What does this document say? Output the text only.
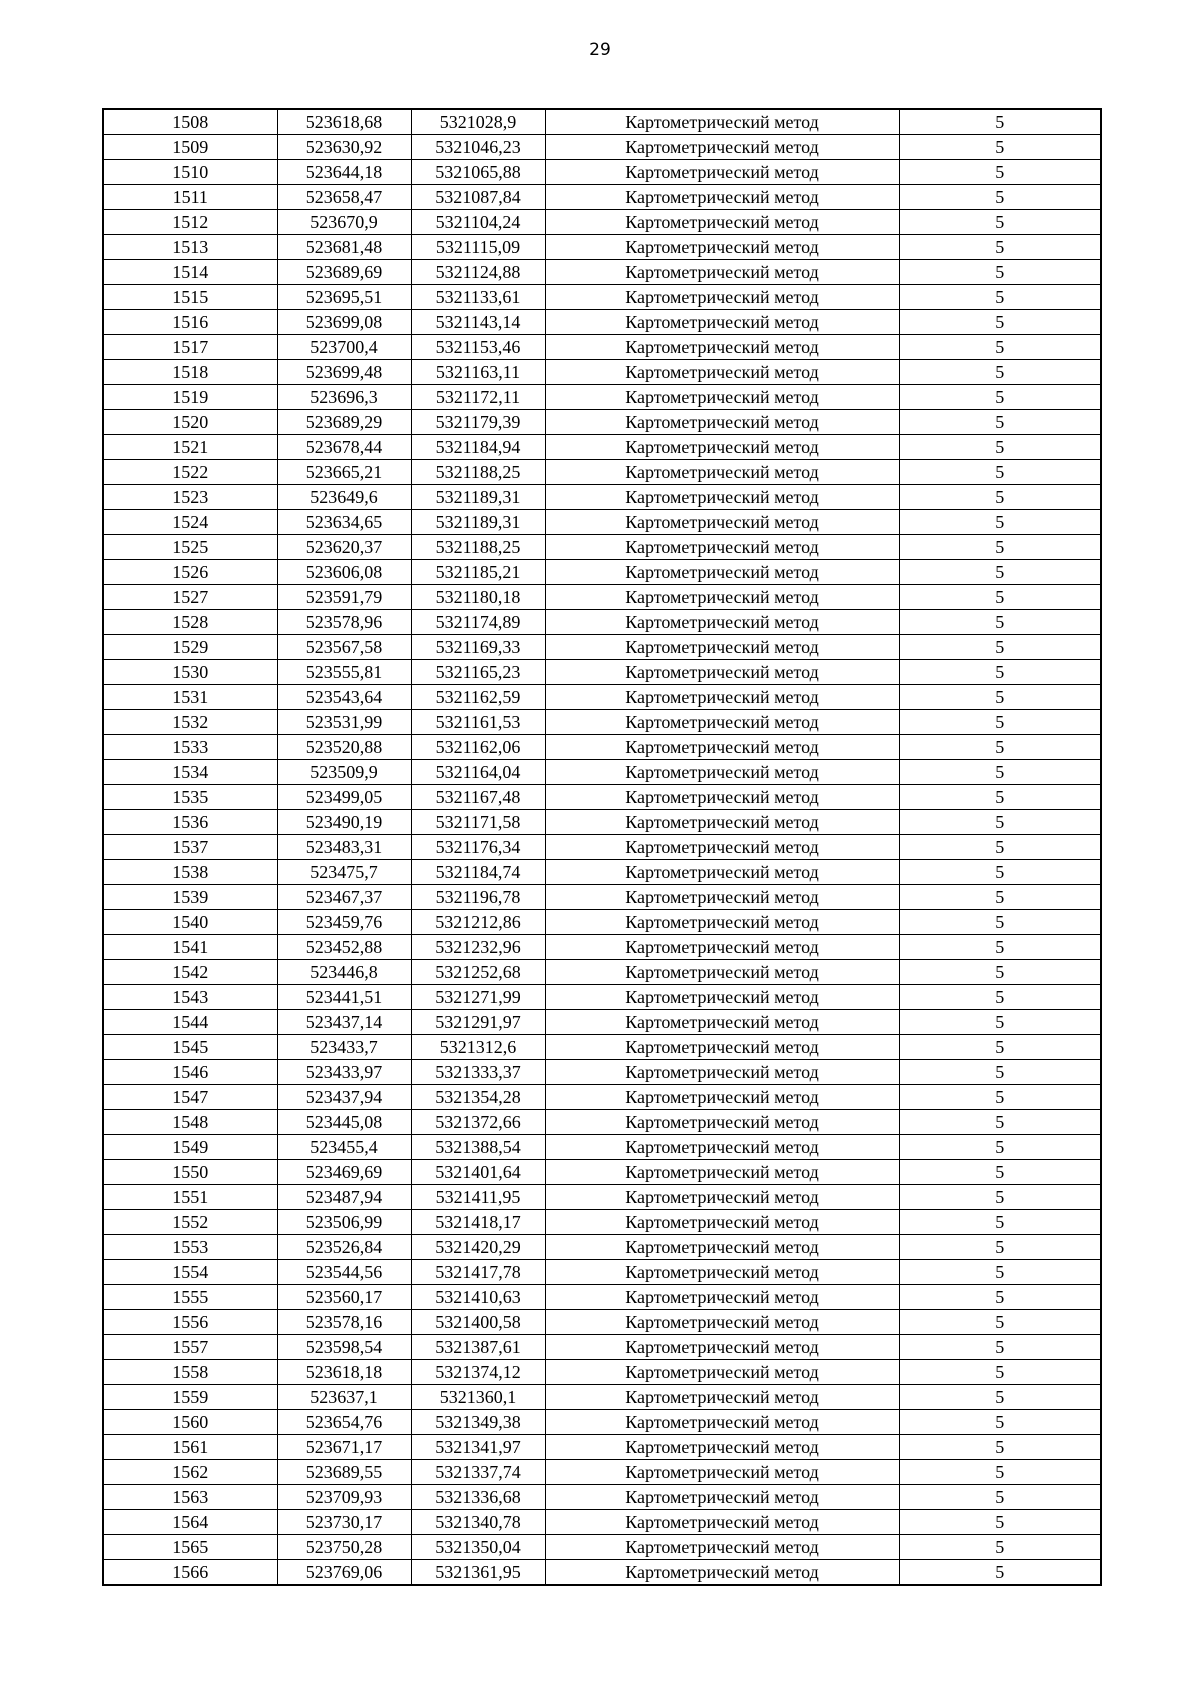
29
1508	523618,68	5321028,9	Картометрический метод	5
1509	523630,92	5321046,23	Картометрический метод	5
1510	523644,18	5321065,88	Картометрический метод	5
1511	523658,47	5321087,84	Картометрический метод	5
1512	523670,9	5321104,24	Картометрический метод	5
1513	523681,48	5321115,09	Картометрический метод	5
1514	523689,69	5321124,88	Картометрический метод	5
1515	523695,51	5321133,61	Картометрический метод	5
1516	523699,08	5321143,14	Картометрический метод	5
1517	523700,4	5321153,46	Картометрический метод	5
1518	523699,48	5321163,11	Картометрический метод	5
1519	523696,3	5321172,11	Картометрический метод	5
1520	523689,29	5321179,39	Картометрический метод	5
1521	523678,44	5321184,94	Картометрический метод	5
1522	523665,21	5321188,25	Картометрический метод	5
1523	523649,6	5321189,31	Картометрический метод	5
1524	523634,65	5321189,31	Картометрический метод	5
1525	523620,37	5321188,25	Картометрический метод	5
1526	523606,08	5321185,21	Картометрический метод	5
1527	523591,79	5321180,18	Картометрический метод	5
1528	523578,96	5321174,89	Картометрический метод	5
1529	523567,58	5321169,33	Картометрический метод	5
1530	523555,81	5321165,23	Картометрический метод	5
1531	523543,64	5321162,59	Картометрический метод	5
1532	523531,99	5321161,53	Картометрический метод	5
1533	523520,88	5321162,06	Картометрический метод	5
1534	523509,9	5321164,04	Картометрический метод	5
1535	523499,05	5321167,48	Картометрический метод	5
1536	523490,19	5321171,58	Картометрический метод	5
1537	523483,31	5321176,34	Картометрический метод	5
1538	523475,7	5321184,74	Картометрический метод	5
1539	523467,37	5321196,78	Картометрический метод	5
1540	523459,76	5321212,86	Картометрический метод	5
1541	523452,88	5321232,96	Картометрический метод	5
1542	523446,8	5321252,68	Картометрический метод	5
1543	523441,51	5321271,99	Картометрический метод	5
1544	523437,14	5321291,97	Картометрический метод	5
1545	523433,7	5321312,6	Картометрический метод	5
1546	523433,97	5321333,37	Картометрический метод	5
1547	523437,94	5321354,28	Картометрический метод	5
1548	523445,08	5321372,66	Картометрический метод	5
1549	523455,4	5321388,54	Картометрический метод	5
1550	523469,69	5321401,64	Картометрический метод	5
1551	523487,94	5321411,95	Картометрический метод	5
1552	523506,99	5321418,17	Картометрический метод	5
1553	523526,84	5321420,29	Картометрический метод	5
1554	523544,56	5321417,78	Картометрический метод	5
1555	523560,17	5321410,63	Картометрический метод	5
1556	523578,16	5321400,58	Картометрический метод	5
1557	523598,54	5321387,61	Картометрический метод	5
1558	523618,18	5321374,12	Картометрический метод	5
1559	523637,1	5321360,1	Картометрический метод	5
1560	523654,76	5321349,38	Картометрический метод	5
1561	523671,17	5321341,97	Картометрический метод	5
1562	523689,55	5321337,74	Картометрический метод	5
1563	523709,93	5321336,68	Картометрический метод	5
1564	523730,17	5321340,78	Картометрический метод	5
1565	523750,28	5321350,04	Картометрический метод	5
1566	523769,06	5321361,95	Картометрический метод	5
